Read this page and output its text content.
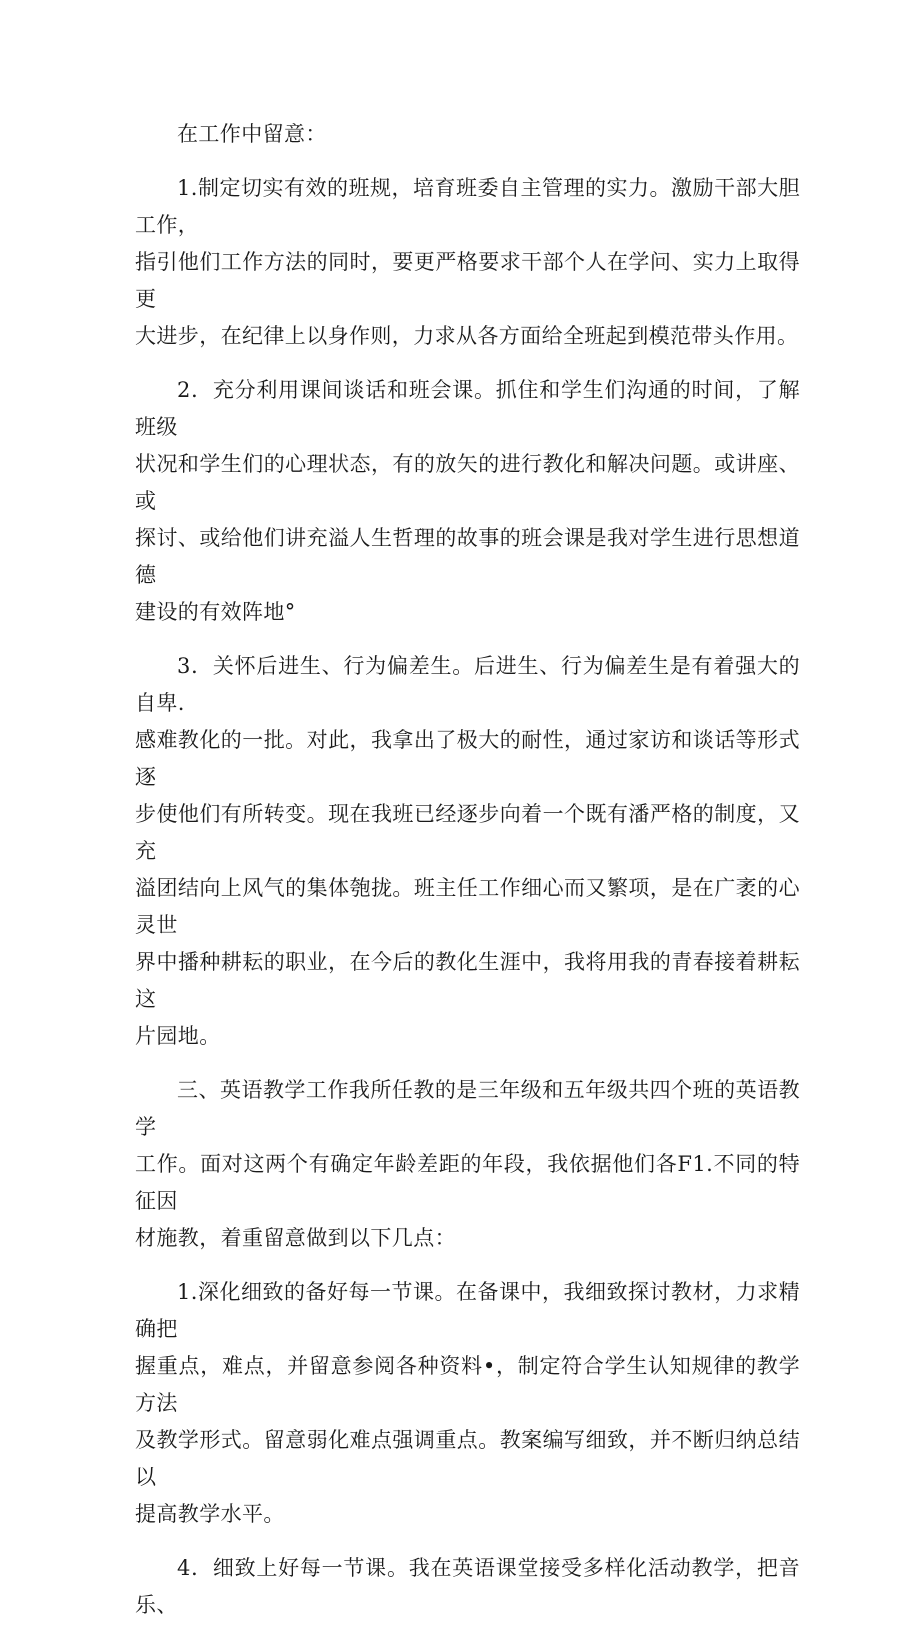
在工作中留意：

1.制定切实有效的班规，培育班委自主管理的实力。激励干部大胆工作，
指引他们工作方法的同时，要更严格要求干部个人在学问、实力上取得更
大进步，在纪律上以身作则，力求从各方面给全班起到模范带头作用。

2．充分利用课间谈话和班会课。抓住和学生们沟通的时间，了解班级
状况和学生们的心理状态，有的放矢的进行教化和解决问题。或讲座、或
探讨、或给他们讲充溢人生哲理的故事的班会课是我对学生进行思想道德
建设的有效阵地°

3．关怀后进生、行为偏差生。后进生、行为偏差生是有着强大的自卑.
感难教化的一批。对此，我拿出了极大的耐性，通过家访和谈话等形式逐
步使他们有所转变。现在我班已经逐步向着一个既有潘严格的制度，又充
溢团结向上风气的集体匏拢。班主任工作细心而又繁项，是在广袤的心灵世
界中播种耕耘的职业，在今后的教化生涯中，我将用我的青春接着耕耘这
片园地。

三、英语教学工作我所任教的是三年级和五年级共四个班的英语教学
工作。面对这两个有确定年龄差距的年段，我依据他们各F1.不同的特征因
材施教，着重留意做到以下几点：

1.深化细致的备好每一节课。在备课中，我细致探讨教材，力求精确把
握重点，难点，并留意参阅各种资料•，制定符合学生认知规律的教学方法
及教学形式。留意弱化难点强调重点。教案编写细致，并不断归纳总结以
提高教学水平。

4．细致上好每一节课。我在英语课堂接受多样化活动教学，把音乐、
